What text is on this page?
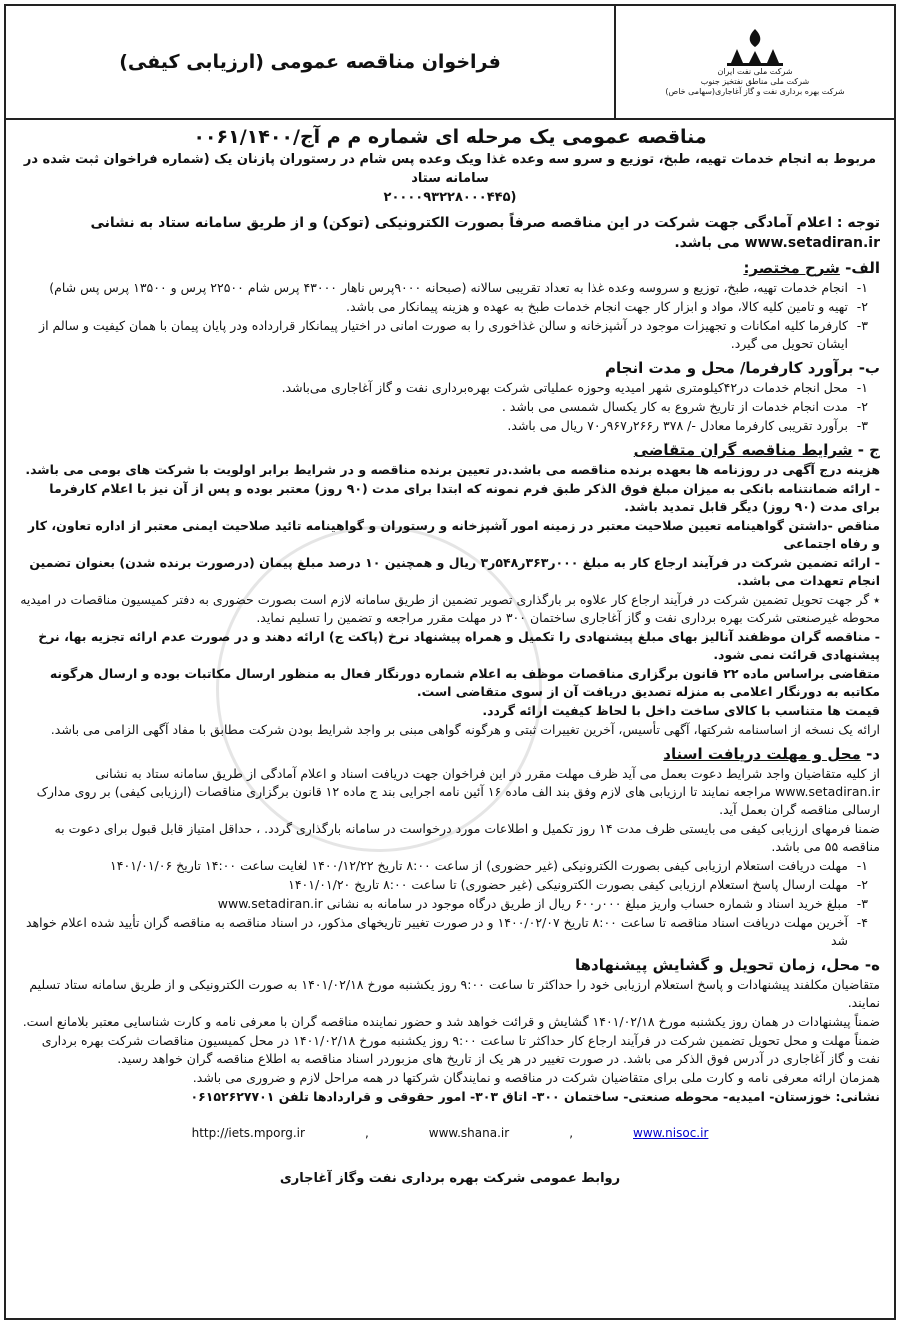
شرکت ملی نفت ایران
شرکت ملی مناطق نفتخیز جنوب
شرکت بهره برداری نفت و گاز آغاجاری(سهامی خاص)
فراخوان مناقصه عمومی (ارزیابی کیفی)
مناقصه عمومی یک مرحله ای شماره م م آج/۰۰۶۱/۱۴۰۰
مربوط به انجام خدمات تهیه، طبخ، توزیع و سرو سه وعده غذا ویک وعده پس شام در رستوران پازنان یک (شماره فراخوان ثبت شده در سامانه ستاد
(۲۰۰۰۰۹۳۲۲۸۰۰۰۴۴۵
توجه : اعلام آمادگی جهت شرکت در این مناقصه صرفاً بصورت الکترونیکی (توکن) و از طریق سامانه ستاد به نشانی www.setadiran.ir می باشد.
الف- شرح مختصر:
۱-
انجام خدمات تهیه، طبخ، توزیع و سروسه وعده غذا به تعداد تقریبی سالانه (صبحانه ۹۰۰۰پرس ناهار ۴۳۰۰۰ پرس شام ۲۲۵۰۰ پرس و ۱۳۵۰۰ پرس پس شام)
۲-
تهیه و تامین کلیه کالا، مواد و ابزار کار جهت انجام خدمات طبخ به عهده و هزینه پیمانکار می باشد.
۳-
کارفرما کلیه امکانات و تجهیزات موجود در آشپزخانه و سالن غذاخوری را به صورت امانی در اختیار پیمانکار قرارداده ودر پایان پیمان با همان کیفیت و سالم از ایشان تحویل می گیرد.
ب- برآورد کارفرما/ محل و مدت انجام
۱-
محل انجام خدمات در۴۲کیلومتری شهر امیدیه وحوزه عملیاتی شرکت بهره‌برداری نفت و گاز آغاجاری می‌باشد.
۲-
مدت انجام خدمات از تاریخ شروع به کار یکسال شمسی می باشد .
۳-
برآورد تقریبی کارفرما معادل -/ ۳۷۸ ر۲۶۶ر۹۶۷ر۷۰ ریال می باشد.
ج - شرایط مناقصه گران متقاضی
هزینه درج آگهی در روزنامه ها بعهده برنده مناقصه می باشد.در تعیین برنده مناقصه و در شرایط برابر اولویت با شرکت های بومی می باشد.
- ارائه ضمانتنامه بانکی به میزان مبلغ فوق الذکر طبق فرم نمونه که ابتدا برای مدت (۹۰ روز) معتبر بوده و پس از آن نیز با اعلام کارفرما برای مدت (۹۰ روز) دیگر قابل تمدید باشد.
مناقص -داشتن گواهینامه تعیین صلاحیت معتبر در زمینه امور آشپزخانه و رستوران و گواهینامه تائید صلاحیت ایمنی معتبر از اداره تعاون، کار و رفاه اجتماعی
- ارائه تضمین شرکت در فرآیند ارجاع کار به مبلغ ۰۰۰ر۳۶۳ر۵۴۸ر۳ ریال و همچنین ۱۰ درصد مبلغ پیمان (درصورت برنده شدن) بعنوان تضمین انجام تعهدات می باشد.
٭ گر جهت تحویل تضمین شرکت در فرآیند ارجاع کار علاوه بر بارگذاری تصویر تضمین از طریق سامانه لازم است بصورت حضوری به دفتر کمیسیون مناقصات در امیدیه محوطه غیرصنعتی شرکت بهره برداری نفت و گاز آغاجاری ساختمان ۳۰۰ در مهلت مقرر مراجعه و تضمین را تسلیم نماید.
- مناقصه گران موظفند آنالیز بهای مبلغ پیشنهادی را تکمیل و همراه پیشنهاد نرخ (پاکت ج) ارائه دهند و در صورت عدم ارائه تجزیه بها، نرخ پیشنهادی قرائت نمی شود.
متقاضی براساس ماده ۲۲ قانون برگزاری مناقصات موظف به اعلام شماره دورنگار فعال به منظور ارسال مکاتبات بوده و ارسال هرگونه مکاتبه به دورنگار اعلامی به منزله تصدیق دریافت آن از سوی متقاضی است.
قیمت ها متناسب با کالای ساخت داخل با لحاظ کیفیت ارائه گردد.
ارائه یک نسخه از اساسنامه شرکتها، آگهی تأسیس، آخرین تغییرات ثبتی و هرگونه گواهی مبنی بر واجد شرایط بودن شرکت مطابق با مفاد آگهی الزامی می باشد.
د- محل و مهلت دریافت اسناد
از کلیه متقاضیان واجد شرایط دعوت بعمل می آید ظرف مهلت مقرر در این فراخوان جهت دریافت اسناد و اعلام آمادگی از طریق سامانه ستاد به نشانی www.setadiran.ir مراجعه نمایند تا ارزیابی های لازم وفق بند الف ماده ۱۶ آئین نامه اجرایی بند ج ماده ۱۲ قانون برگزاری مناقصات (ارزیابی کیفی) بر روی مدارک ارسالی مناقصه گران بعمل آید.
ضمنا فرمهای ارزیابی کیفی می بایستی ظرف مدت ۱۴ روز تکمیل و اطلاعات مورد درخواست در سامانه بارگذاری گردد. ، حداقل امتیاز قابل قبول برای دعوت به مناقصه ۵۵ می باشد.
۱-
مهلت دریافت استعلام ارزیابی کیفی بصورت الکترونیکی (غیر حضوری) از ساعت ۸:۰۰ تاریخ ۱۴۰۰/۱۲/۲۲ لغایت ساعت ۱۴:۰۰ تاریخ ۱۴۰۱/۰۱/۰۶
۲-
مهلت ارسال پاسخ استعلام ارزیابی کیفی بصورت الکترونیکی (غیر حضوری) تا ساعت ۸:۰۰ تاریخ ۱۴۰۱/۰۱/۲۰
۳-
مبلغ خرید اسناد و شماره حساب واریز مبلغ ۰۰۰ر۶۰۰ ریال از طریق درگاه موجود در سامانه به نشانی www.setadiran.ir
۴-
آخرین مهلت دریافت اسناد مناقصه تا ساعت ۸:۰۰ تاریخ ۱۴۰۰/۰۲/۰۷ و در صورت تغییر تاریخهای مذکور، در اسناد مناقصه به مناقصه گران تأیید شده اعلام خواهد شد
ه- محل، زمان تحویل و گشایش پیشنهادها
متقاضیان مکلفند پیشنهادات و پاسخ استعلام ارزیابی خود را حداکثر تا ساعت ۹:۰۰ روز یکشنبه مورخ ۱۴۰۱/۰۲/۱۸ به صورت الکترونیکی و از طریق سامانه ستاد تسلیم نمایند.
ضمناً پیشنهادات در همان روز یکشنبه مورخ ۱۴۰۱/۰۲/۱۸ گشایش و قرائت خواهد شد و حضور نماینده مناقصه گران با معرفی نامه و کارت شناسایی معتبر بلامانع است.
ضمناً مهلت و محل تحویل تضمین شرکت در فرآیند ارجاع کار حداکثر تا ساعت ۹:۰۰ روز یکشنبه مورخ ۱۴۰۱/۰۲/۱۸ در محل کمیسیون مناقصات شرکت بهره برداری نفت و گاز آغاجاری در آدرس فوق الذکر می باشد. در صورت تغییر در هر یک از تاریخ های مزبوردر اسناد مناقصه به اطلاع مناقصه گران خواهد رسید.
همزمان ارائه معرفی نامه و کارت ملی برای متقاضیان شرکت در مناقصه و نمایندگان شرکتها در همه مراحل لازم و ضروری می باشد.
نشانی: خوزستان- امیدیه- محوطه صنعتی- ساختمان ۳۰۰- اتاق ۳۰۳- امور حقوقی و قراردادها تلفن ۰۶۱۵۲۶۲۷۷۰۱
http://iets.mporg.ir	,	www.shana.ir	,	www.nisoc.ir
روابط عمومی شرکت بهره برداری نفت وگاز آغاجاری
